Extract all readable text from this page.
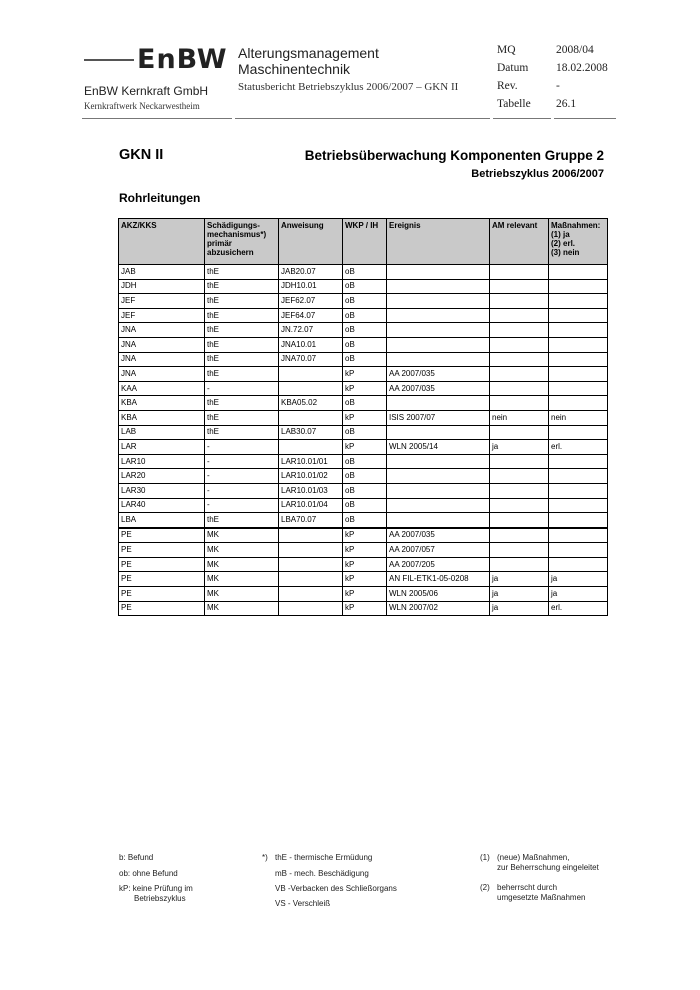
EnBW
EnBW Kernkraft GmbH
Kernkraftwerk Neckarwestheim
Alterungsmanagement
Maschinentechnik
Statusbericht Betriebszyklus 2006/2007 – GKN II
MQ	2008/04
Datum 18.02.2008
Rev.	-
Tabelle 26.1
GKN II	Betriebsüberwachung Komponenten Gruppe 2
Betriebszyklus 2006/2007
Rohrleitungen
AKZ/KKS	Schädigungs-
mechanismus*)
primär
abzusichern	Anweisung	WKP / IH	Ereignis	AM relevant	Maßnahmen:
(1) ja
(2) erl.
(3) nein
JAB	thE	JAB20.07	oB			
JDH	thE	JDH10.01	oB			
JEF	thE	JEF62.07	oB			
JEF	thE	JEF64.07	oB			
JNA	thE	JN.72.07	oB			
JNA	thE	JNA10.01	oB			
JNA	thE	JNA70.07	oB			
JNA	thE		kP	AA 2007/035		
KAA	-		kP	AA 2007/035		
KBA	thE	KBA05.02	oB			
KBA	thE		kP	ISIS 2007/07	nein	nein
LAB	thE	LAB30.07	oB			
LAR	-		kP	WLN 2005/14	ja	erl.
LAR10	-	LAR10.01/01	oB			
LAR20	-	LAR10.01/02	oB			
LAR30	-	LAR10.01/03	oB			
LAR40	-	LAR10.01/04	oB			
LBA	thE	LBA70.07	oB			
PE	MK		kP	AA 2007/035		
PE	MK		kP	AA 2007/057		
PE	MK		kP	AA 2007/205		
PE	MK		kP	AN FIL-ETK1-05-0208	ja	ja
PE	MK		kP	WLN 2005/06	ja	ja
PE	MK		kP	WLN 2007/02	ja	erl.
b: Befund
ob: ohne Befund
kP: keine Prüfung im
Betriebszyklus
*) thE - thermische Ermüdung
mB - mech. Beschädigung
VB -Verbacken des Schließorgans
VS - Verschleiß
(1) (neue) Maßnahmen,
zur Beherrschung eingeleitet
(2) beherrscht durch
umgesetzte Maßnahmen
